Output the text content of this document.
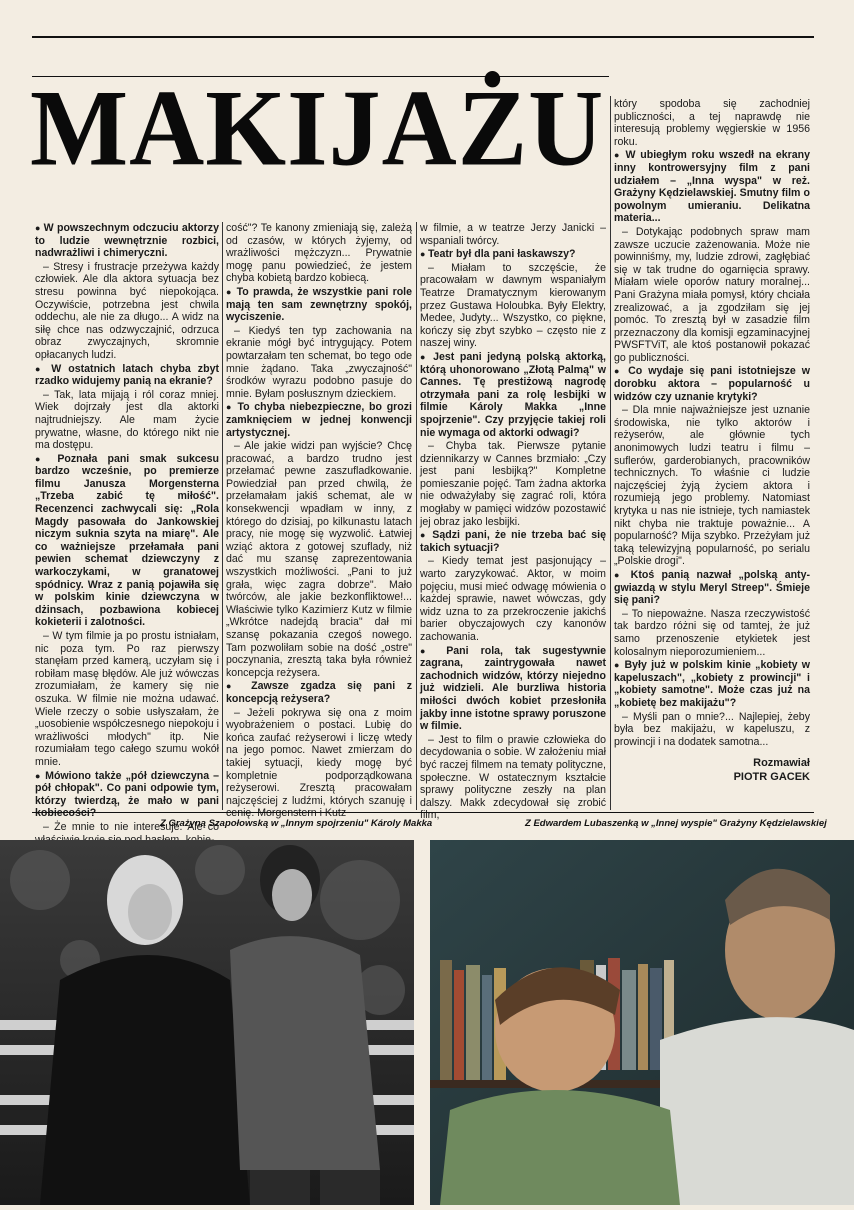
MAKIJAŻU

● W powszechnym odczuciu aktorzy to ludzie wewnętrznie rozbici, nadwrażliwi i chimeryczni.

– Stresy i frustracje przeżywa każdy człowiek. Ale dla aktora sytuacja bez stresu powinna być niepokojąca. Oczywiście, potrzebna jest chwila oddechu, ale nie za długo... A widz na siłę chce nas odzwyczajnić, odrzuca obraz zwyczajnych, skromnie opłacanych ludzi.

● W ostatnich latach chyba zbyt rzadko widujemy panią na ekranie?

– Tak, lata mijają i ról coraz mniej. Wiek dojrzały jest dla aktorki najtrudniejszy. Ale mam życie prywatne, własne, do którego nikt nie ma dostępu.

● Poznała pani smak sukcesu bardzo wcześnie, po premierze filmu Janusza Morgensterna „Trzeba zabić tę miłość". Recenzenci zachwycali się: „Rola Magdy pasowała do Jankowskiej niczym suknia szyta na miarę". Ale co ważniejsze przełamała pani pewien schemat dziewczyny z warkoczykami, w granatowej spódnicy. Wraz z panią pojawiła się w polskim kinie dziewczyna w dżinsach, pozbawiona kobiecej kokieterii i zalotności.

– W tym filmie ja po prostu istniałam, nic poza tym. Po raz pierwszy stanęłam przed kamerą, uczyłam się i robiłam masę błędów. Ale już wówczas zrozumiałam, że kamery się nie oszuka. W filmie nie można udawać. Wiele rzeczy o sobie usłyszałam, że „uosobienie współczesnego niepokoju i wrażliwości młodych" itp. Nie rozumiałam tego całego szumu wokół mnie.

● Mówiono także „pół dziewczyna – pół chłopak". Co pani odpowie tym, którzy twierdzą, że mało w pani kobiecości?

– Że mnie to nie interesuje. Ale co

cość"? Te kanony zmieniają się, zależą od czasów, w których żyjemy, od wrażliwości mężczyzn... Prywatnie mogę panu powiedzieć, że jestem chyba kobietą bardzo kobiecą.

● To prawda, że wszystkie pani role mają ten sam zewnętrzny spokój, wyciszenie.

– Kiedyś ten typ zachowania na ekranie mógł być intrygujący. Potem powtarzałam ten schemat, bo tego ode mnie żądano. Taka „zwyczajność" środków wyrazu podobno pasuje do mnie. Byłam posłusznym dzieckiem.

● To chyba niebezpieczne, bo grozi zamknięciem w jednej konwencji artystycznej.

– Ale jakie widzi pan wyjście? Chcę pracować, a bardzo trudno jest przełamać pewne zaszufladkowanie. Powiedział pan przed chwilą, że przełamałam jakiś schemat, ale w konsekwencji wpadłam w inny, z którego do dzisiaj, po kilkunastu latach pracy, nie mogę się wyzwolić. Łatwiej wziąć aktora z gotowej szuflady, niż dać mu szansę zaprezentowania wszystkich możliwości. „Pani to już grała, więc zagra dobrze". Mało twórców, ale jakie bezkonfliktowe!... Właściwie tylko Kazimierz Kutz w filmie „Wkrótce nadejdą bracia" dał mi szansę pokazania czegoś nowego. Tam pozwoliłam sobie na dość „ostre" poczynania, zresztą taka była również koncepcja reżysera.

● Zawsze zgadza się pani z koncepcją reżysera?

– Jeżeli pokrywa się ona z moim wyobrażeniem o postaci. Lubię do końca zaufać reżyserowi i liczę wtedy na jego pomoc. Nawet zmierzam do takiej sytuacji, kiedy mogę być kompletnie podporządkowana reżyserowi. Zresztą pracowałam najczęściej z ludźmi, których szanuję i cenię. Morgenstern i Kutz

w filmie, a w teatrze Jerzy Janicki – wspaniali twórcy.

● Teatr był dla pani łaskawszy?

– Miałam to szczęście, że pracowałam w dawnym wspaniałym Teatrze Dramatycznym kierowanym przez Gustawa Holoubka. Były Elektry, Medee, Judyty... Wszystko, co piękne, kończy się zbyt szybko – często nie z naszej winy.

● Jest pani jedyną polską aktorką, którą uhonorowano „Złotą Palmą" w Cannes. Tę prestiżową nagrodę otrzymała pani za rolę lesbijki w filmie Károly Makka „Inne spojrzenie". Czy przyjęcie takiej roli nie wymaga od aktorki odwagi?

– Chyba tak. Pierwsze pytanie dziennikarzy w Cannes brzmiało: „Czy jest pani lesbijką?" Kompletne pomieszanie pojęć. Tam żadna aktorka nie odważyłaby się zagrać roli, która mogłaby w pamięci widzów pozostawić jej obraz jako lesbijki.

● Sądzi pani, że nie trzeba bać się takich sytuacji?

– Kiedy temat jest pasjonujący – warto zaryzykować. Aktor, w moim pojęciu, musi mieć odwagę mówienia o każdej sprawie, nawet wówczas, gdy widz uzna to za przekroczenie jakichś barier obyczajowych czy kanonów zachowania.

● Pani rola, tak sugestywnie zagrana, zaintrygowała nawet zachodnich widzów, którzy niejedno już widzieli. Ale burzliwa historia miłości dwóch kobiet przesłoniła jakby inne istotne sprawy poruszone w filmie.

– Jest to film o prawie człowieka do decydowania o sobie. W założeniu miał być raczej filmem na tematy polityczne, społeczne. W ostatecznym kształcie sprawy polityczne zeszły na plan dalszy. Makk zdecydował się zrobić film,

który spodoba się zachodniej publiczności, a tej naprawdę nie interesują problemy węgierskie w 1956 roku.

● W ubiegłym roku wszedł na ekrany inny kontrowersyjny film z pani udziałem – „Inna wyspa" w reż. Grażyny Kędzielawskiej. Smutny film o powolnym umieraniu. Delikatna materia...

– Dotykając podobnych spraw mam zawsze uczucie zażenowania. Może nie powinniśmy, my, ludzie zdrowi, zagłębiać się w tak trudne do ogarnięcia sprawy. Miałam wiele oporów natury moralnej... Pani Grażyna miała pomysł, który chciała zrealizować, a ja zgodziłam się jej pomóc. To zresztą był w zasadzie film przeznaczony dla komisji egzaminacyjnej PWSFTViT, ale ktoś postanowił pokazać go publiczności.

● Co wydaje się pani istotniejsze w dorobku aktora – popularność u widzów czy uznanie krytyki?

– Dla mnie najważniejsze jest uznanie środowiska, nie tylko aktorów i reżyserów, ale głównie tych anonimowych ludzi teatru i filmu – suflerów, garderobianych, pracowników technicznych. To właśnie ci ludzie najczęściej żyją życiem aktora i rozumieją jego problemy. Natomiast krytyka u nas nie istnieje, tych namiastek nikt chyba nie traktuje poważnie... A popularność? Mija szybko. Przeżyłam już taką telewizyjną popularność, po serialu „Polskie drogi".

● Ktoś panią nazwał „polską anty-gwiazdą w stylu Meryl Streep". Śmieje się pani?

– To niepoważne. Nasza rzeczywistość tak bardzo różni się od tamtej, że już samo przenoszenie etykietek jest kolosalnym nieporozumieniem...

● Były już w polskim kinie „kobiety w kapeluszach", „kobiety z prowincji" i „kobiety samotne". Może czas już na „kobietę bez makijażu"?

– Myśli pan o mnie?... Najlepiej, żeby była bez makijażu, w kapeluszu, z prowincji i na dodatek samotna...

Rozmawiał
PIOTR GACEK
Z Grażyną Szapołowską w „Innym spojrzeniu" Károly Makka	Z Edwardem Lubaszenką w „Innej wyspie" Grażyny Kędzielawskiej
